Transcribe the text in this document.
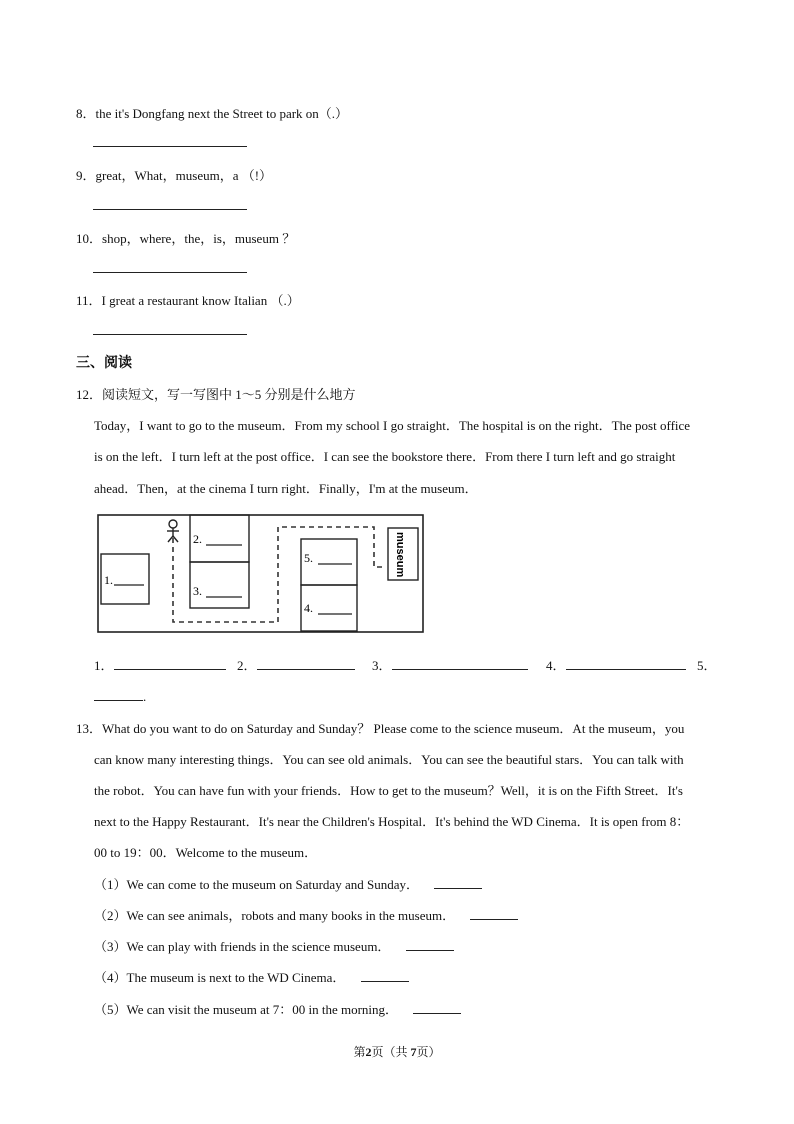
8．the it's Dongfang next the Street to park on（.）
9．great，What，museum，a （!）
10．shop，where，the，is，museum ？
11．I great a restaurant know Italian （.）
三、阅读
12．阅读短文，写一写图中 1～5 分别是什么地方
Today，I want to go to the museum．From my school I go straight．The hospital is on the right．The post office
is on the left．I turn left at the post office．I can see the bookstore there．From there I turn left and go straight
ahead．Then，at the cinema I turn right．Finally，I'm at the museum．
1.
2.
3.
5.
4.
museum
1．	2．	3．	4．	5．
.
13．What do you want to do on Saturday and Sunday？ Please come to the science museum．At the museum，you
can know many interesting things．You can see old animals．You can see the beautiful stars．You can talk with
the robot．You can have fun with your friends．How to get to the museum？Well，it is on the Fifth Street．It's
next to the Happy Restaurant．It's near the Children's Hospital．It's behind the WD Cinema．It is open from 8：
00 to 19：00．Welcome to the museum．
（1）We can come to the museum on Saturday and Sunday．
（2）We can see animals，robots and many books in the museum．
（3）We can play with friends in the science museum．
（4）The museum is next to the WD Cinema．
（5）We can visit the museum at 7：00 in the morning．
第2页（共 7页）
